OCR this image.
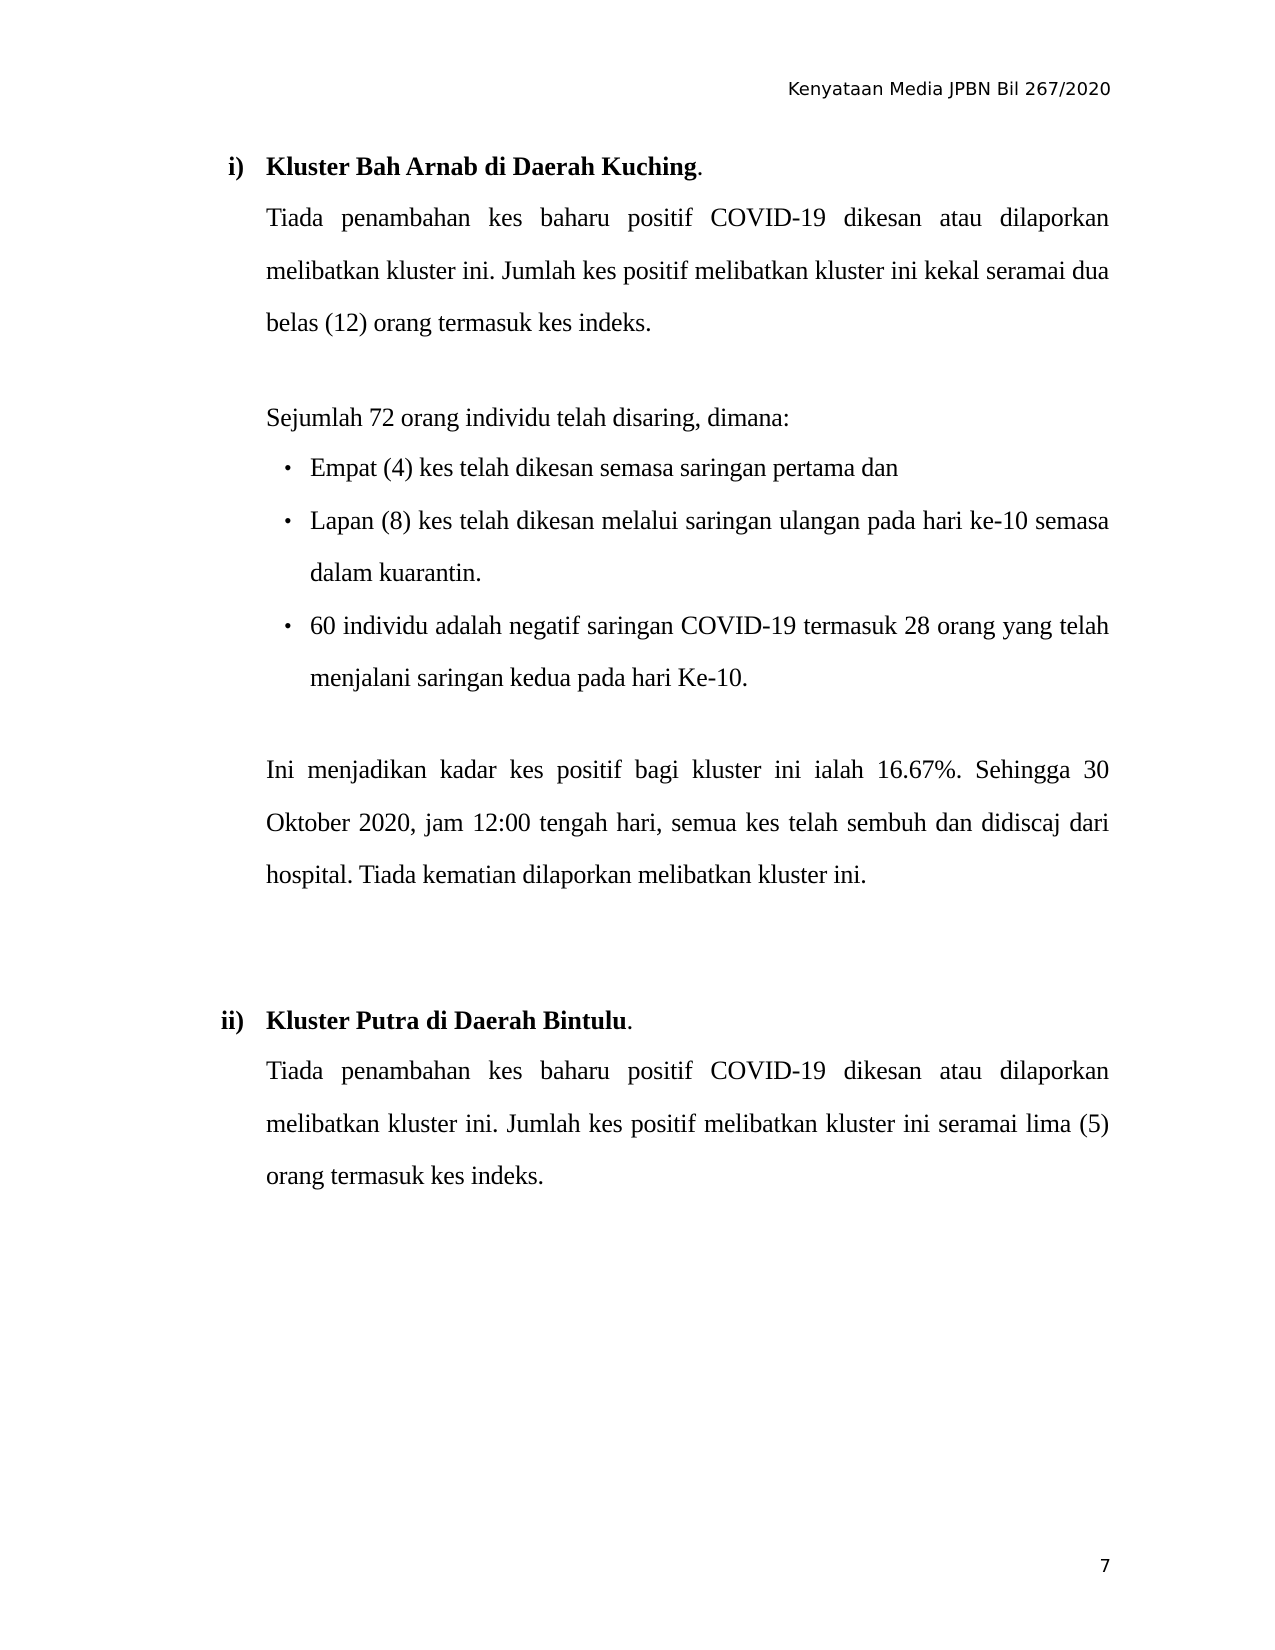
Kenyataan Media JPBN Bil 267/2020
i) Kluster Bah Arnab di Daerah Kuching.
Tiada penambahan kes baharu positif COVID-19 dikesan atau dilaporkan melibatkan kluster ini. Jumlah kes positif melibatkan kluster ini kekal seramai dua belas (12) orang termasuk kes indeks.
Sejumlah 72 orang individu telah disaring, dimana:
• Empat (4) kes telah dikesan semasa saringan pertama dan
• Lapan (8) kes telah dikesan melalui saringan ulangan pada hari ke-10 semasa dalam kuarantin.
• 60 individu adalah negatif saringan COVID-19 termasuk 28 orang yang telah menjalani saringan kedua pada hari Ke-10.
Ini menjadikan kadar kes positif bagi kluster ini ialah 16.67%. Sehingga 30 Oktober 2020, jam 12:00 tengah hari, semua kes telah sembuh dan didiscaj dari hospital. Tiada kematian dilaporkan melibatkan kluster ini.
ii) Kluster Putra di Daerah Bintulu.
Tiada penambahan kes baharu positif COVID-19 dikesan atau dilaporkan melibatkan kluster ini. Jumlah kes positif melibatkan kluster ini seramai lima (5) orang termasuk kes indeks.
7
